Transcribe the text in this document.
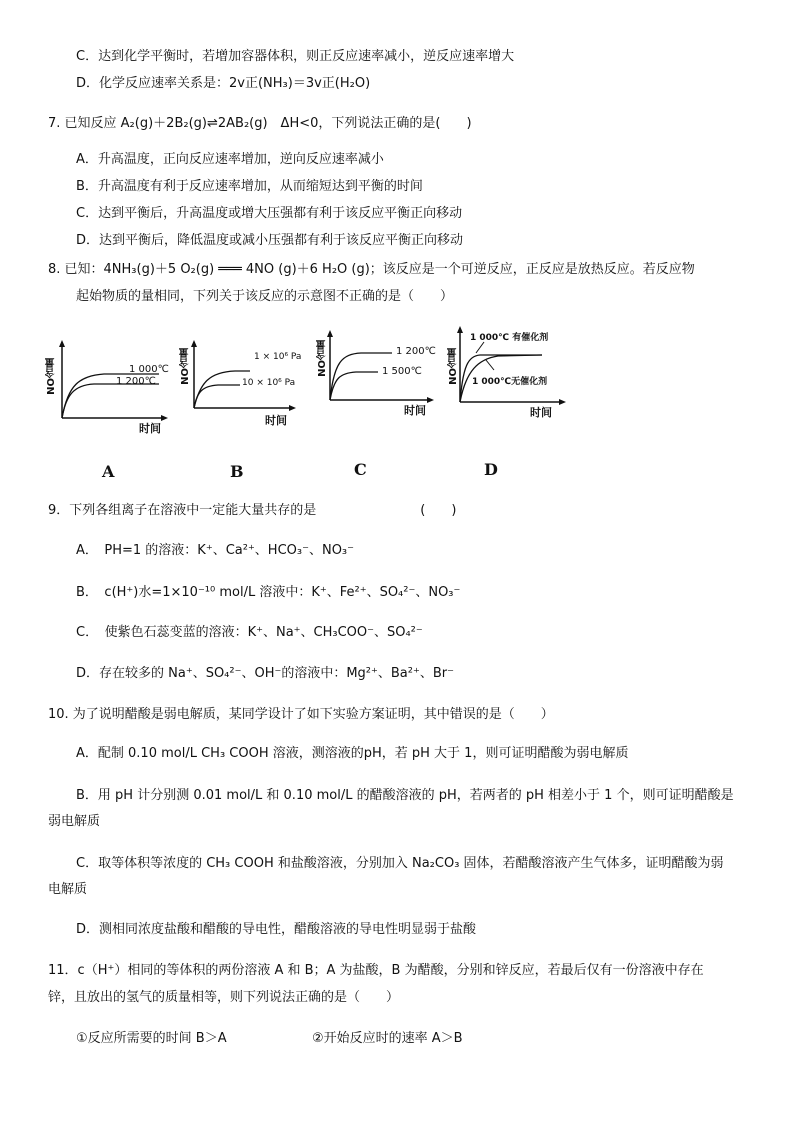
C．达到化学平衡时，若增加容器体积，则正反应速率减小，逆反应速率增大
D．化学反应速率关系是：2v正(NH₃)＝3v正(H₂O)
7. 已知反应 A₂(g)＋2B₂(g)⇌2AB₂(g)　ΔH<0，下列说法正确的是(　　)
A．升高温度，正向反应速率增加，逆向反应速率减小
B．升高温度有利于反应速率增加，从而缩短达到平衡的时间
C．达到平衡后，升高温度或增大压强都有利于该反应平衡正向移动
D．达到平衡后，降低温度或减小压强都有利于该反应平衡正向移动
8. 已知：4NH₃(g)＋5 O₂(g) ═══ 4NO (g)＋6 H₂O (g)；该反应是一个可逆反应，正反应是放热反应。若反应物
起始物质的量相同，下列关于该反应的示意图不正确的是（　　）
NO含量
时间
1 000℃
1 200℃
A
NO含量
时间
1 × 10⁶ Pa
10 × 10⁶ Pa
B
NO含量
时间
1 200℃
1 500℃
C
NO含量
时间
1 000℃ 有催化剂
1 000℃无催化剂
D
9．下列各组离子在溶液中一定能大量共存的是　　　　　　　　(　　)
A．　PH=1 的溶液：K⁺、Ca²⁺、HCO₃⁻、NO₃⁻
B．　c(H⁺)水=1×10⁻¹⁰ mol/L 溶液中：K⁺、Fe²⁺、SO₄²⁻、NO₃⁻
C．　使紫色石蕊变蓝的溶液：K⁺、Na⁺、CH₃COO⁻、SO₄²⁻
D．存在较多的 Na⁺、SO₄²⁻、OH⁻的溶液中：Mg²⁺、Ba²⁺、Br⁻
10. 为了说明醋酸是弱电解质，某同学设计了如下实验方案证明，其中错误的是（　　）
A．配制 0.10 mol/L CH₃ COOH 溶液，测溶液的pH，若 pH 大于 1，则可证明醋酸为弱电解质
B．用 pH 计分别测 0.01 mol/L 和 0.10 mol/L 的醋酸溶液的 pH，若两者的 pH 相差小于 1 个，则可证明醋酸是
弱电解质
C．取等体积等浓度的 CH₃ COOH 和盐酸溶液，分别加入 Na₂CO₃ 固体，若醋酸溶液产生气体多，证明醋酸为弱
电解质
D．测相同浓度盐酸和醋酸的导电性，醋酸溶液的导电性明显弱于盐酸
11．c（H⁺）相同的等体积的两份溶液 A 和 B；A 为盐酸，B 为醋酸，分别和锌反应，若最后仅有一份溶液中存在
锌，且放出的氢气的质量相等，则下列说法正确的是（　　）
①反应所需要的时间 B＞A	②开始反应时的速率 A＞B
